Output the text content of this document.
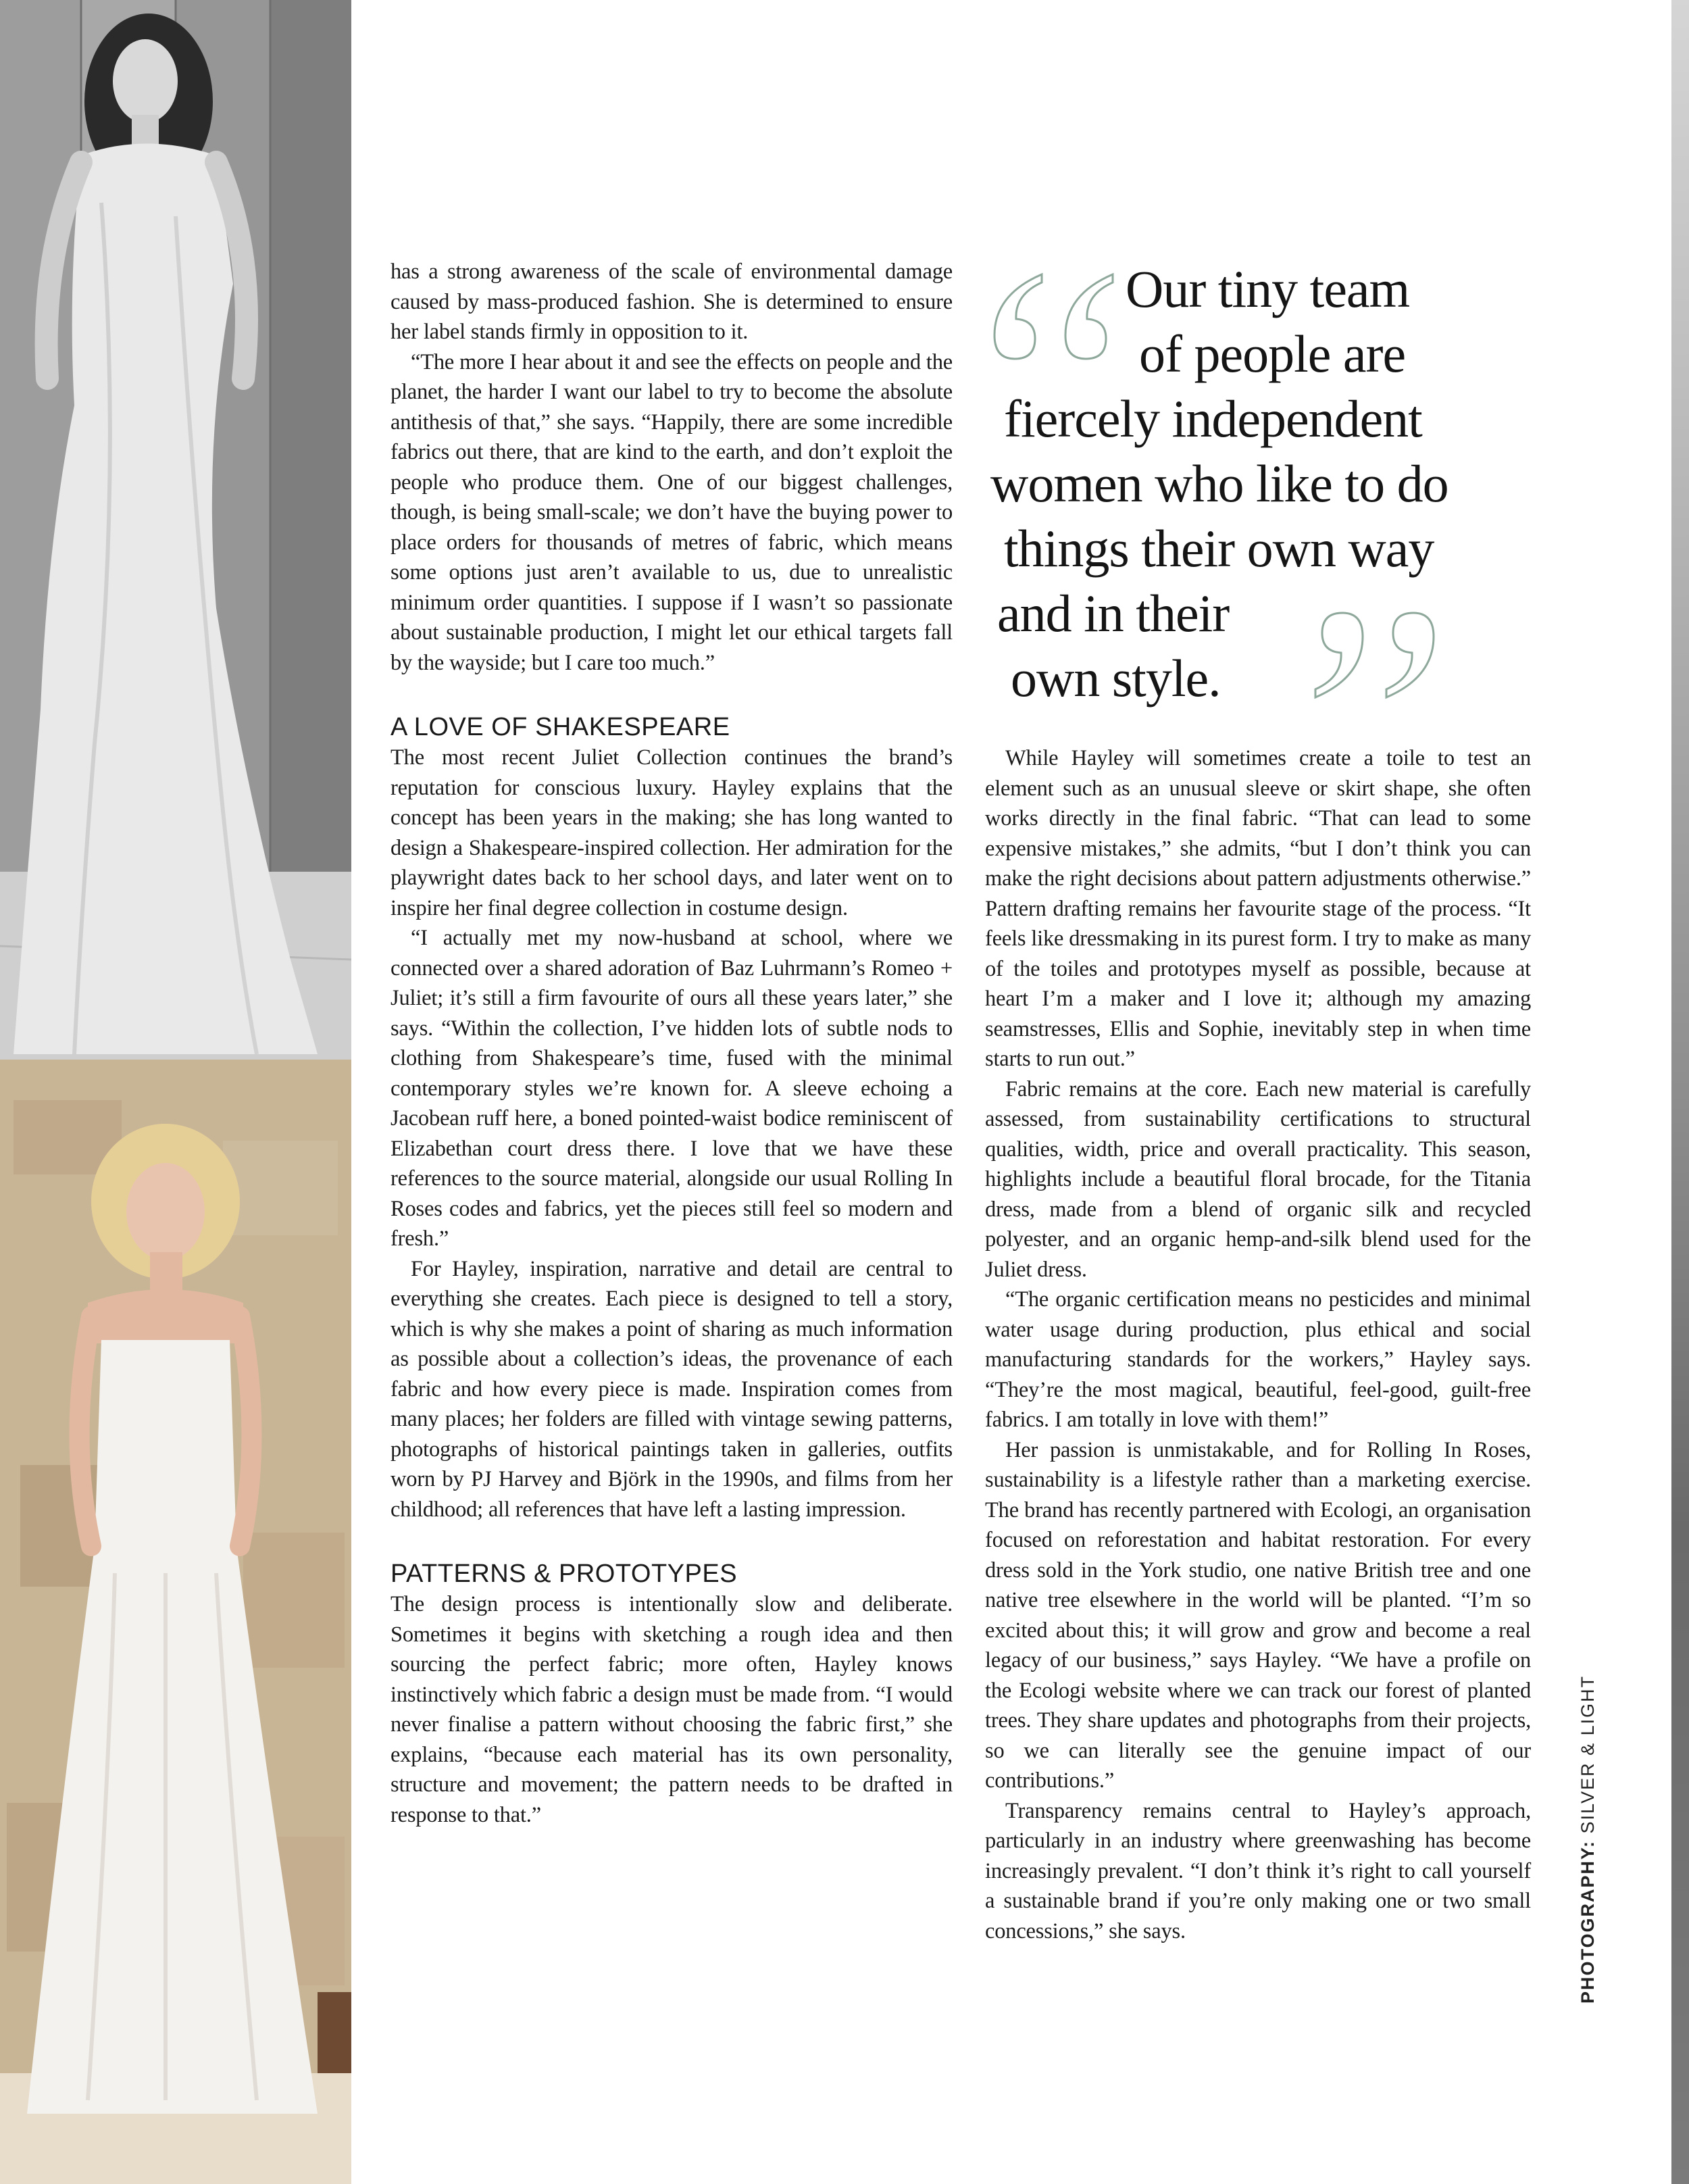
has a strong awareness of the scale of environmental damage caused by mass-produced fashion. She is determined to ensure her label stands firmly in opposition to it.

“The more I hear about it and see the effects on people and the planet, the harder I want our label to try to become the absolute antithesis of that,” she says. “Happily, there are some incredible fabrics out there, that are kind to the earth, and don’t exploit the people who produce them. One of our biggest challenges, though, is being small-scale; we don’t have the buying power to place orders for thousands of metres of fabric, which means some options just aren’t available to us, due to unrealistic minimum order quantities. I suppose if I wasn’t so passionate about sustainable production, I might let our ethical targets fall by the wayside; but I care too much.”

A LOVE OF SHAKESPEARE

The most recent Juliet Collection continues the brand’s reputation for conscious luxury. Hayley explains that the concept has been years in the making; she has long wanted to design a Shakespeare-inspired collection. Her admiration for the playwright dates back to her school days, and later went on to inspire her final degree collection in costume design.

“I actually met my now-husband at school, where we connected over a shared adoration of Baz Luhrmann’s Romeo + Juliet; it’s still a firm favourite of ours all these years later,” she says. “Within the collection, I’ve hidden lots of subtle nods to clothing from Shakespeare’s time, fused with the minimal contemporary styles we’re known for. A sleeve echoing a Jacobean ruff here, a boned pointed-waist bodice reminiscent of Elizabethan court dress there. I love that we have these references to the source material, alongside our usual Rolling In Roses codes and fabrics, yet the pieces still feel so modern and fresh.”

For Hayley, inspiration, narrative and detail are central to everything she creates. Each piece is designed to tell a story, which is why she makes a point of sharing as much information as possible about a collection’s ideas, the provenance of each fabric and how every piece is made. Inspiration comes from many places; her folders are filled with vintage sewing patterns, photographs of historical paintings taken in galleries, outfits worn by PJ Harvey and Björk in the 1990s, and films from her childhood; all references that have left a lasting impression.

PATTERNS & PROTOTYPES

The design process is intentionally slow and deliberate. Sometimes it begins with sketching a rough idea and then sourcing the perfect fabric; more often, Hayley knows instinctively which fabric a design must be made from. “I would never finalise a pattern without choosing the fabric first,” she explains, “because each material has its own personality, structure and movement; the pattern needs to be drafted in response to that.”

Our tiny team

of people are

fiercely independent

women who like to do

things their own way

and in their

own style.

While Hayley will sometimes create a toile to test an element such as an unusual sleeve or skirt shape, she often works directly in the final fabric. “That can lead to some expensive mistakes,” she admits, “but I don’t think you can make the right decisions about pattern adjustments otherwise.” Pattern drafting remains her favourite stage of the process. “It feels like dressmaking in its purest form. I try to make as many of the toiles and prototypes myself as possible, because at heart I’m a maker and I love it; although my amazing seamstresses, Ellis and Sophie, inevitably step in when time starts to run out.”

Fabric remains at the core. Each new material is carefully assessed, from sustainability certifications to structural qualities, width, price and overall practicality. This season, highlights include a beautiful floral brocade, for the Titania dress, made from a blend of organic silk and recycled polyester, and an organic hemp-and-silk blend used for the Juliet dress.

“The organic certification means no pesticides and minimal water usage during production, plus ethical and social manufacturing standards for the workers,” Hayley says. “They’re the most magical, beautiful, feel-good, guilt-free fabrics. I am totally in love with them!”

Her passion is unmistakable, and for Rolling In Roses, sustainability is a lifestyle rather than a marketing exercise. The brand has recently partnered with Ecologi, an organisation focused on reforestation and habitat restoration. For every dress sold in the York studio, one native British tree and one native tree elsewhere in the world will be planted. “I’m so excited about this; it will grow and grow and become a real legacy of our business,” says Hayley. “We have a profile on the Ecologi website where we can track our forest of planted trees. They share updates and photographs from their projects, so we can literally see the genuine impact of our contributions.”

Transparency remains central to Hayley’s approach, particularly in an industry where greenwashing has become increasingly prevalent. “I don’t think it’s right to call yourself a sustainable brand if you’re only making one or two small concessions,” she says.	PHOTOGRAPHY: SILVER & LIGHT
